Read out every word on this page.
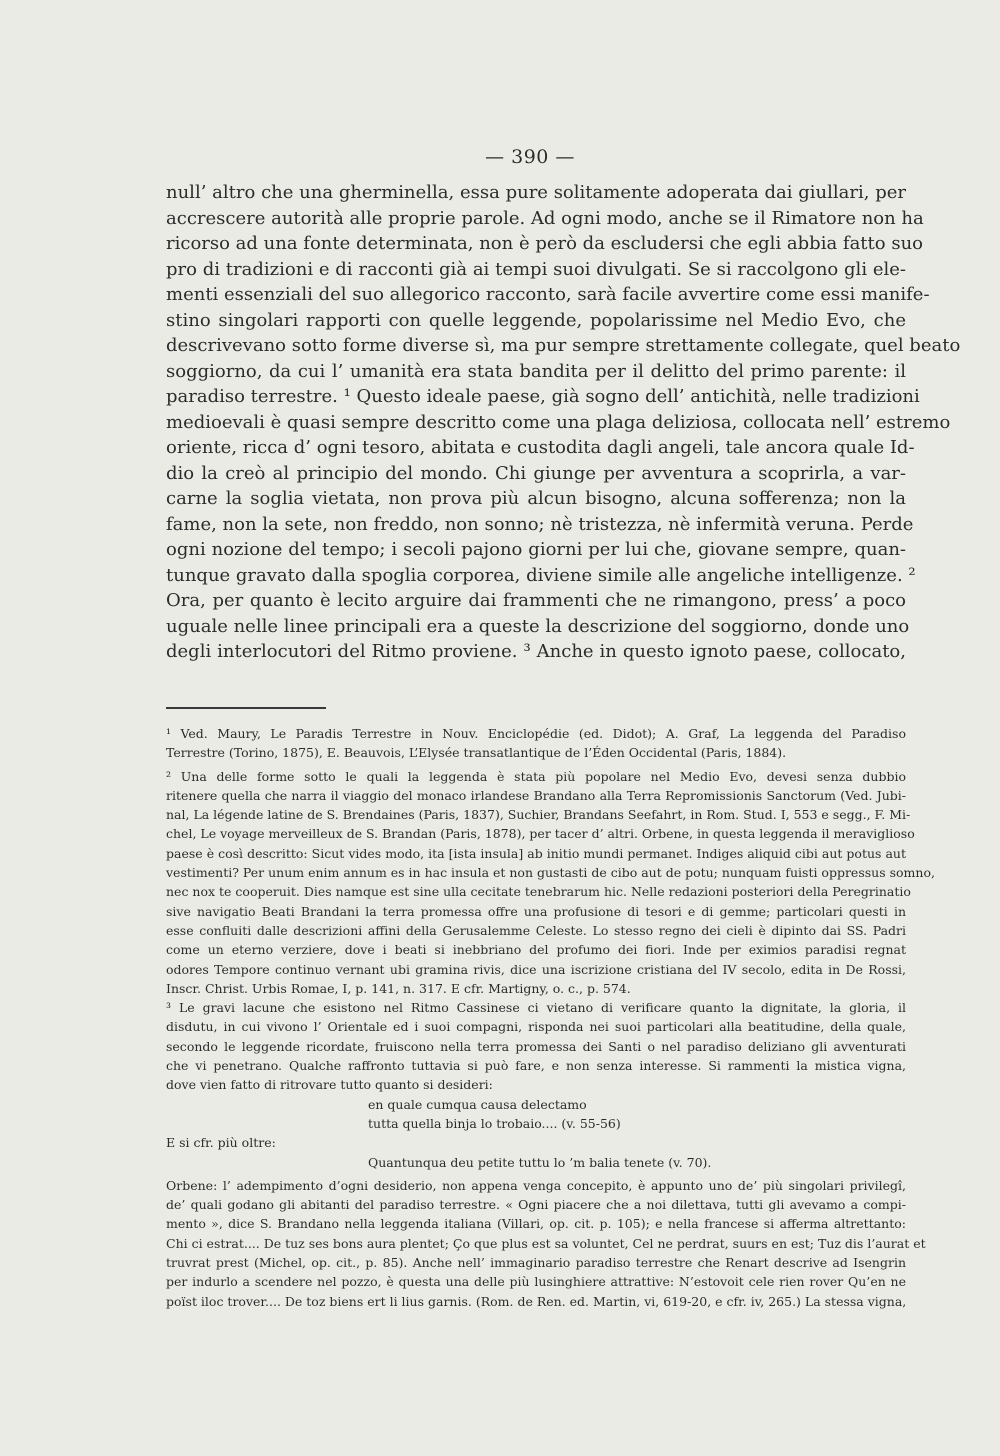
— 390 —
null’ altro che una gherminella, essa pure solitamente adoperata dai giullari, per
accrescere autorità alle proprie parole. Ad ogni modo, anche se il Rimatore non ha
ricorso ad una fonte determinata, non è però da escludersi che egli abbia fatto suo
pro di tradizioni e di racconti già ai tempi suoi divulgati. Se si raccolgono gli ele-
menti essenziali del suo allegorico racconto, sarà facile avvertire come essi manife-
stino singolari rapporti con quelle leggende, popolarissime nel Medio Evo, che
descrivevano sotto forme diverse sì, ma pur sempre strettamente collegate, quel beato
soggiorno, da cui l’ umanità era stata bandita per il delitto del primo parente: il
paradiso terrestre. ¹ Questo ideale paese, già sogno dell’ antichità, nelle tradizioni
medioevali è quasi sempre descritto come una plaga deliziosa, collocata nell’ estremo
oriente, ricca d’ ogni tesoro, abitata e custodita dagli angeli, tale ancora quale Id-
dio la creò al principio del mondo. Chi giunge per avventura a scoprirla, a var-
carne la soglia vietata, non prova più alcun bisogno, alcuna sofferenza; non la
fame, non la sete, non freddo, non sonno; nè tristezza, nè infermità veruna. Perde
ogni nozione del tempo; i secoli pajono giorni per lui che, giovane sempre, quan-
tunque gravato dalla spoglia corporea, diviene simile alle angeliche intelligenze. ²
Ora, per quanto è lecito arguire dai frammenti che ne rimangono, press’ a poco
uguale nelle linee principali era a queste la descrizione del soggiorno, donde uno
degli interlocutori del Ritmo proviene. ³ Anche in questo ignoto paese, collocato,
¹ Ved. Maury, Le Paradis Terrestre in Nouv. Enciclopédie (ed. Didot); A. Graf, La leggenda del Paradiso
Terrestre (Torino, 1875), E. Beauvois, L’Elysée transatlantique de l’Éden Occidental (Paris, 1884).
² Una delle forme sotto le quali la leggenda è stata più popolare nel Medio Evo, devesi senza dubbio
ritenere quella che narra il viaggio del monaco irlandese Brandano alla Terra Repromissionis Sanctorum (Ved. Jubi-
nal, La légende latine de S. Brendaines (Paris, 1837), Suchier, Brandans Seefahrt, in Rom. Stud. I, 553 e segg., F. Mi-
chel, Le voyage merveilleux de S. Brandan (Paris, 1878), per tacer d’ altri. Orbene, in questa leggenda il meraviglioso
paese è così descritto: Sicut vides modo, ita [ista insula] ab initio mundi permanet. Indiges aliquid cibi aut potus aut
vestimenti? Per unum enim annum es in hac insula et non gustasti de cibo aut de potu; nunquam fuisti oppressus somno,
nec nox te cooperuit. Dies namque est sine ulla cecitate tenebrarum hic. Nelle redazioni posteriori della Peregrinatio
sive navigatio Beati Brandani la terra promessa offre una profusione di tesori e di gemme; particolari questi in
esse confluiti dalle descrizioni affini della Gerusalemme Celeste. Lo stesso regno dei cieli è dipinto dai SS. Padri
come un eterno verziere, dove i beati si inebbriano del profumo dei fiori. Inde per eximios paradisi regnat
odores Tempore continuo vernant ubi gramina rivis, dice una iscrizione cristiana del IV secolo, edita in De Rossi,
Inscr. Christ. Urbis Romae, I, p. 141, n. 317. E cfr. Martigny, o. c., p. 574.
³ Le gravi lacune che esistono nel Ritmo Cassinese ci vietano di verificare quanto la dignitate, la gloria, il
disdutu, in cui vivono l’ Orientale ed i suoi compagni, risponda nei suoi particolari alla beatitudine, della quale,
secondo le leggende ricordate, fruiscono nella terra promessa dei Santi o nel paradiso deliziano gli avventurati
che vi penetrano. Qualche raffronto tuttavia si può fare, e non senza interesse. Si rammenti la mistica vigna,
dove vien fatto di ritrovare tutto quanto si desideri:
en quale cumqua causa delectamo
tutta quella binja lo trobaio.... (v. 55-56)
E si cfr. più oltre:
Quantunqua deu petite tuttu lo ’m balia tenete (v. 70).
Orbene: l’ adempimento d’ogni desiderio, non appena venga concepito, è appunto uno de’ più singolari privilegî,
de’ quali godano gli abitanti del paradiso terrestre. « Ogni piacere che a noi dilettava, tutti gli avevamo a compi-
mento », dice S. Brandano nella leggenda italiana (Villari, op. cit. p. 105); e nella francese si afferma altrettanto:
Chi ci estrat.... De tuz ses bons aura plentet; Ço que plus est sa voluntet, Cel ne perdrat, suurs en est; Tuz dis l’aurat et
truvrat prest (Michel, op. cit., p. 85). Anche nell’ immaginario paradiso terrestre che Renart descrive ad Isengrin
per indurlo a scendere nel pozzo, è questa una delle più lusinghiere attrattive: N’estovoit cele rien rover Qu’en ne
poïst iloc trover.... De toz biens ert li lius garnis. (Rom. de Ren. ed. Martin, vi, 619-20, e cfr. iv, 265.) La stessa vigna,
